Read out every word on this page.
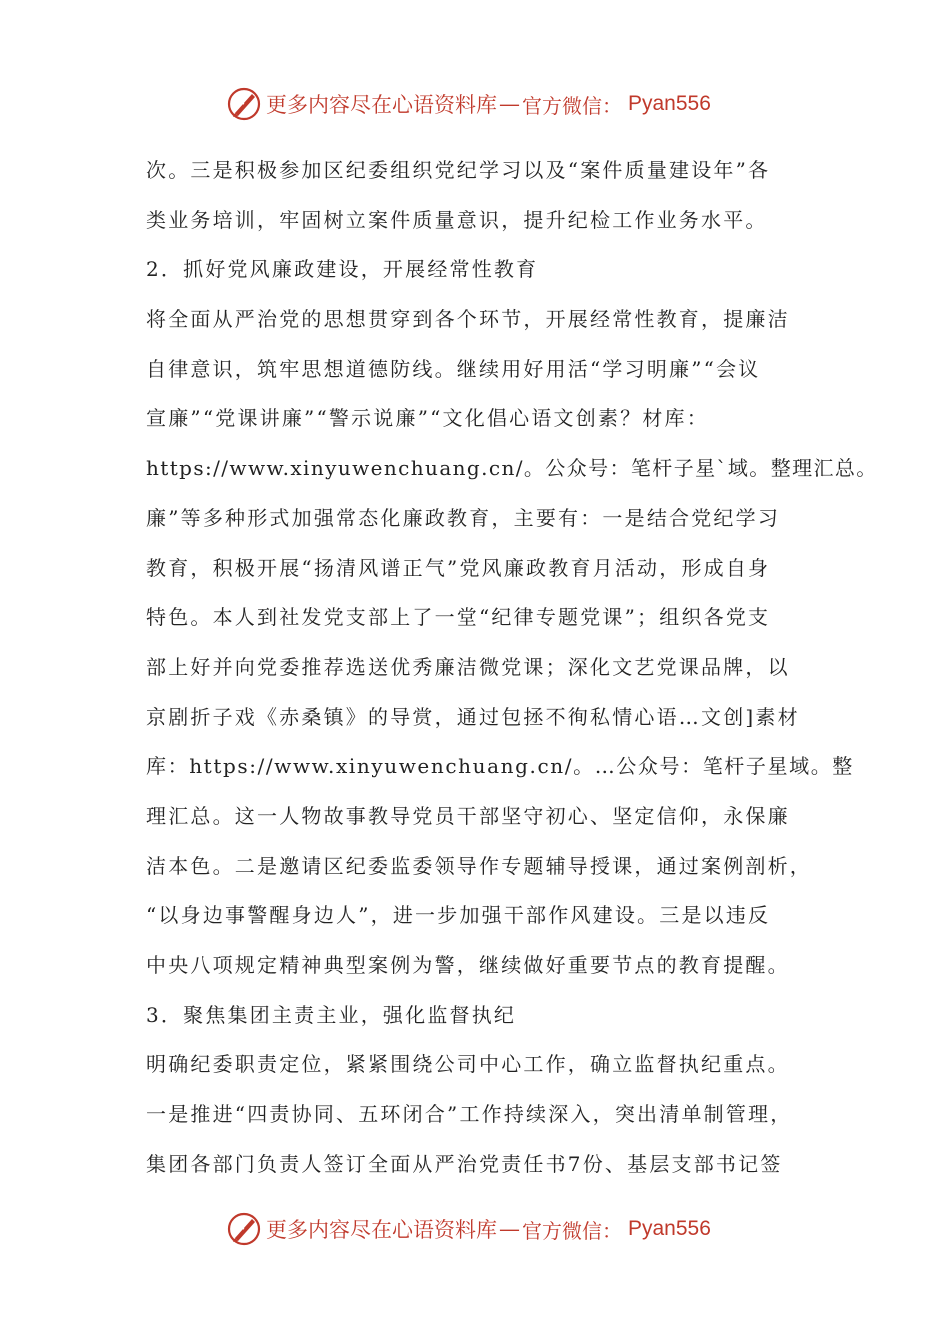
更多内容尽在心语资料库 — 官方微信 ： Pyan556
次。三是积极参加区纪委组织党纪学习以及“案件质量建设年”各
类业务培训，牢固树立案件质量意识，提升纪检工作业务水平。
2．抓好党风廉政建设，开展经常性教育
将全面从严治党的思想贯穿到各个环节，开展经常性教育，提廉洁
自律意识，筑牢思想道德防线。继续用好用活“学习明廉”“会议
宣廉”“党课讲廉”“警示说廉”“文化倡心语文创素？材库：
https://www.xinyuwenchuang.cn/。公众号：笔杆子星`域。整理汇总。
廉”等多种形式加强常态化廉政教育，主要有：一是结合党纪学习
教育，积极开展“扬清风谱正气”党风廉政教育月活动，形成自身
特色。本人到社发党支部上了一堂“纪律专题党课”；组织各党支
部上好并向党委推荐选送优秀廉洁微党课；深化文艺党课品牌，以
京剧折子戏《赤桑镇》的导赏，通过包拯不徇私情心语…文创]素材
库：https://www.xinyuwenchuang.cn/。…公众号：笔杆子星域。整
理汇总。这一人物故事教导党员干部坚守初心、坚定信仰，永保廉
洁本色。二是邀请区纪委监委领导作专题辅导授课，通过案例剖析，
“以身边事警醒身边人”，进一步加强干部作风建设。三是以违反
中央八项规定精神典型案例为警，继续做好重要节点的教育提醒。
3．聚焦集团主责主业，强化监督执纪
明确纪委职责定位，紧紧围绕公司中心工作，确立监督执纪重点。
一是推进“四责协同、五环闭合”工作持续深入，突出清单制管理，
集团各部门负责人签订全面从严治党责任书7份、基层支部书记签
更多内容尽在心语资料库 — 官方微信 ： Pyan556
